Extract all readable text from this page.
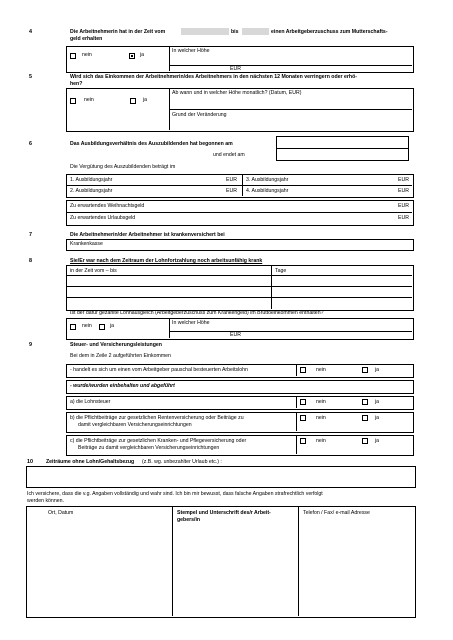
4	Die Arbeitnehmerin hat in der Zeit vom	bis	einen Arbeitgeberzuschuss zum Mutterschafts-
geld erhalten
nein	ja
In welcher Höhe
EUR
5	Wird sich das Einkommen der Arbeitnehmerin/des Arbeitnehmers in den nächsten 12 Monaten verringern oder erhö-
hen?
nein	ja
Ab wann und in welcher Höhe monatlich? (Datum, EUR)
Grund der Veränderung
6	Das Ausbildungsverhältnis des Auszubildenden hat begonnen am
und endet am
Die Vergütung des Auszubildenden beträgt im
1. Ausbildungsjahr	EUR 3. Ausbildungsjahr	EUR
2. Ausbildungsjahr	EUR 4. Ausbildungsjahr	EUR
Zu erwartendes Weihnachtsgeld	EUR
Zu erwartendes Urlaubsgeld	EUR
7	Die Arbeitnehmerin/der Arbeitnehmer ist krankenversichert bei
Krankenkasse
8	Sie/Er war nach dem Zeitraum der Lohnfortzahlung noch arbeitsunfähig krank
in der Zeit vom – bis	Tage
Ist der dafür gezahlte Lohnausgleich (Arbeitgeberzuschuss zum Krankengeld) im Bruttoeinkommen enthalten?
nein	ja	In welcher Höhe
EUR
9	Steuer- und Versicherungsleistungen
Bei dem in Zeile 2 aufgeführten Einkommen
- handelt es sich um einen vom Arbeitgeber pauschal besteuerten Arbeitslohn	nein	ja
- wurde/wurden einbehalten und abgeführt
a) die Lohnsteuer	nein	ja
b) die Pflichtbeiträge zur gesetzlichen Rentenversicherung oder Beiträge zu
damit vergleichbaren Versicherungseinrichtungen
nein	ja
c) die Pflichtbeiträge zur gesetzlichen Kranken- und Pflegeversicherung oder
Beiträge zu damit vergleichbaren Versicherungseinrichtungen
nein	ja
10	Zeiträume ohne Lohn/Gehaltsbezug (z.B. wg. unbezahlter Urlaub etc.) :
Ich versichere, dass die v.g. Angaben vollständig und wahr sind. Ich bin mir bewusst, dass falsche Angaben strafrechtlich verfolgt
werden können.
Ort, Datum	Stempel und Unterschrift des/r Arbeit-
gebers/in
Telefon / Fax/ e-mail Adresse
